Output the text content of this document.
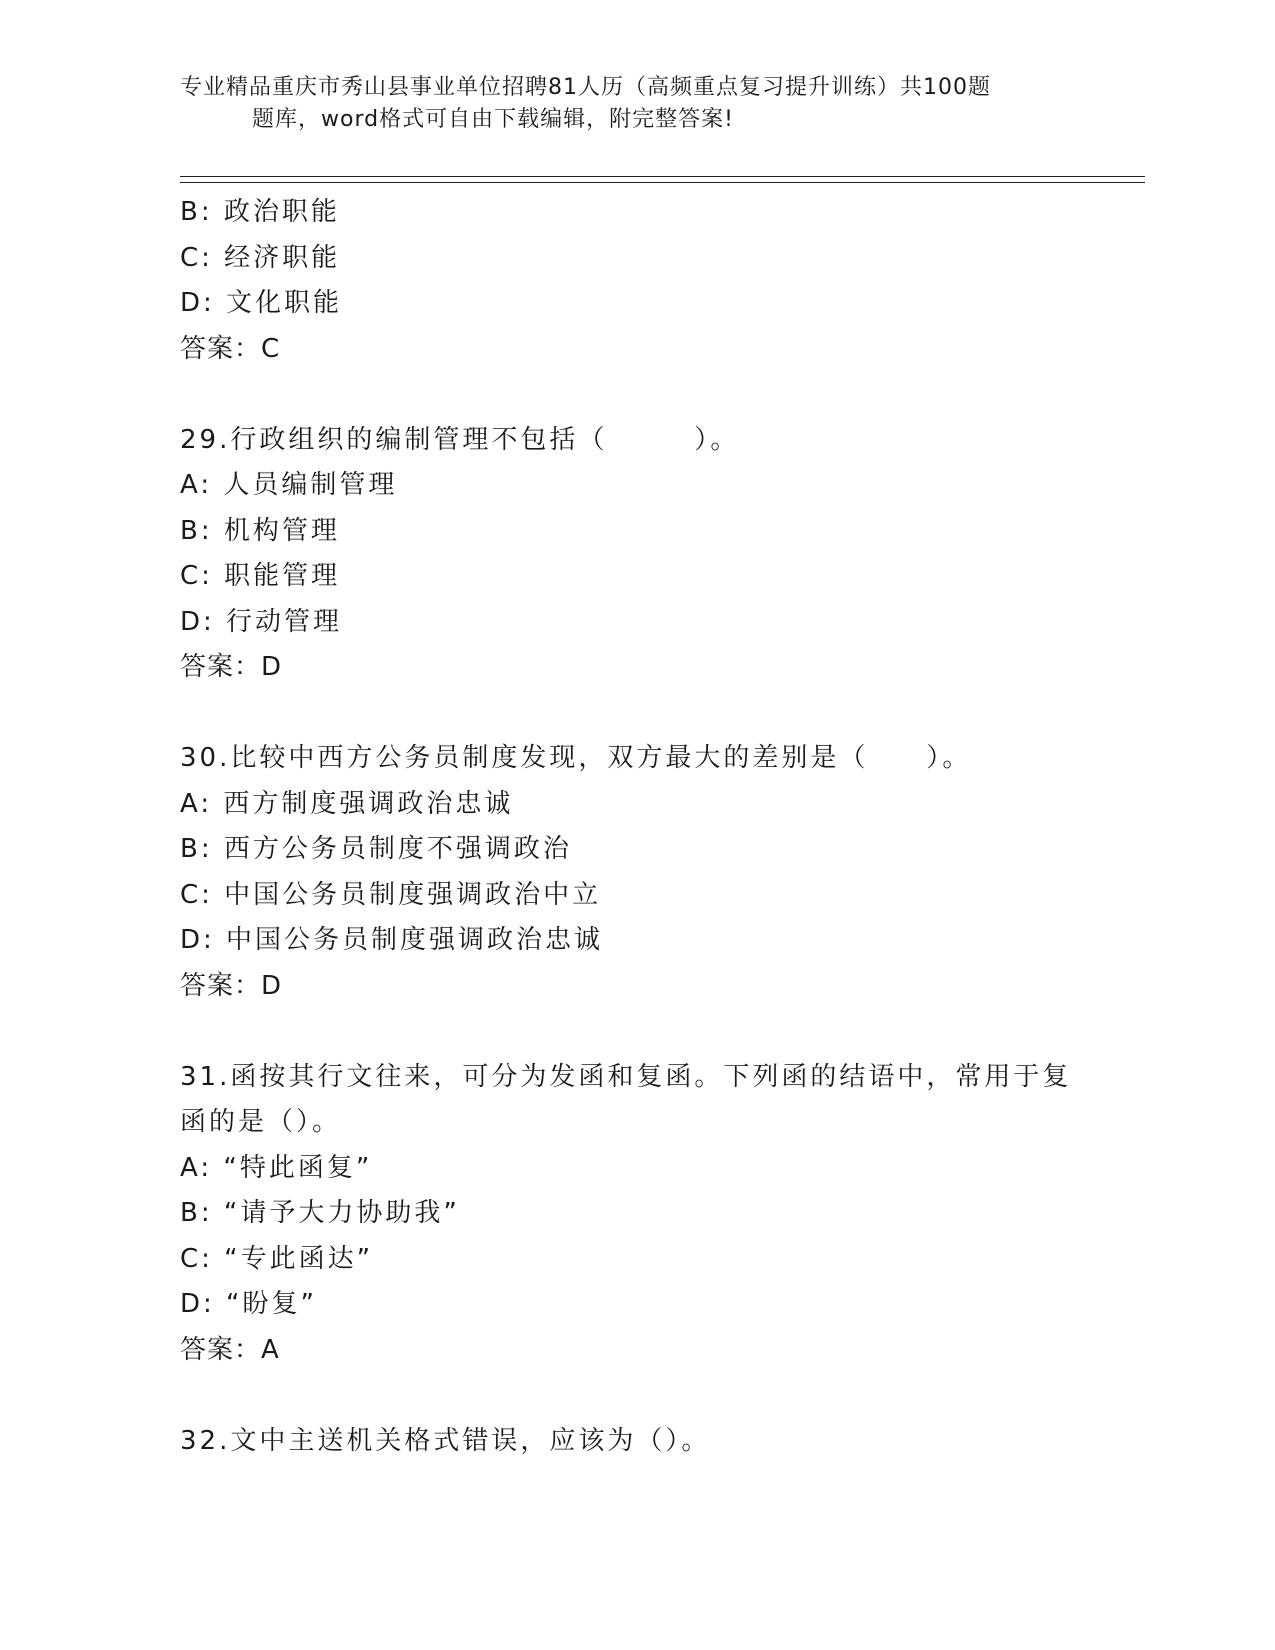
专业精品重庆市秀山县事业单位招聘81人历（高频重点复习提升训练）共100题
题库，word格式可自由下载编辑，附完整答案!
B: 政治职能
C: 经济职能
D: 文化职能
答案：C
29.行政组织的编制管理不包括（　　　）。
A: 人员编制管理
B: 机构管理
C: 职能管理
D: 行动管理
答案：D
30.比较中西方公务员制度发现，双方最大的差别是（　　）。
A: 西方制度强调政治忠诚
B: 西方公务员制度不强调政治
C: 中国公务员制度强调政治中立
D: 中国公务员制度强调政治忠诚
答案：D
31.函按其行文往来，可分为发函和复函。下列函的结语中，常用于复
函的是（）。
A: “特此函复”
B: “请予大力协助我”
C: “专此函达”
D: “盼复”
答案：A
32.文中主送机关格式错误，应该为（）。
